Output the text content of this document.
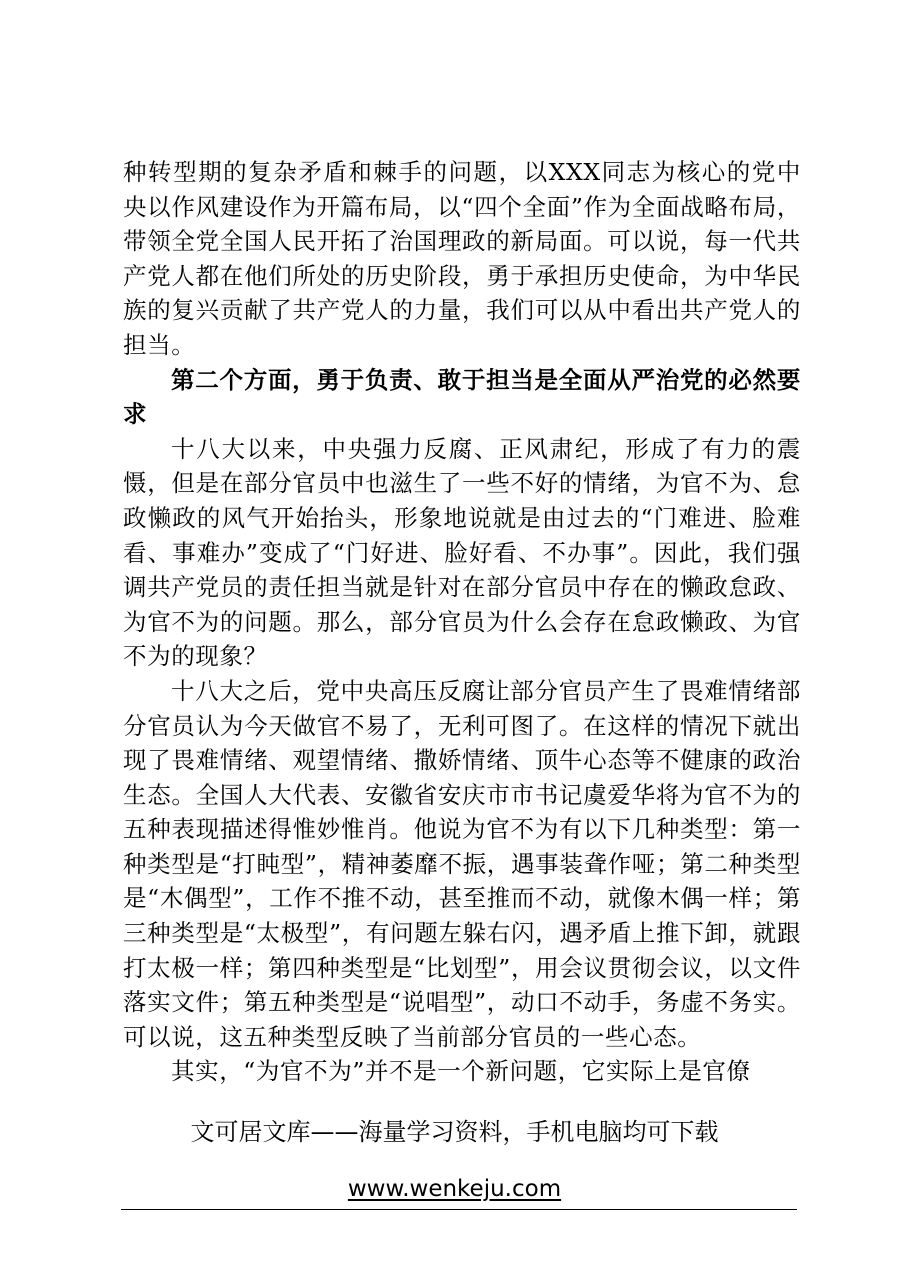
种转型期的复杂矛盾和棘手的问题，以XXX同志为核心的党中央以作风建设作为开篇布局，以“四个全面”作为全面战略布局，带领全党全国人民开拓了治国理政的新局面。可以说，每一代共产党人都在他们所处的历史阶段，勇于承担历史使命，为中华民族的复兴贡献了共产党人的力量，我们可以从中看出共产党人的担当。

第二个方面，勇于负责、敢于担当是全面从严治党的必然要求

十八大以来，中央强力反腐、正风肃纪，形成了有力的震慑，但是在部分官员中也滋生了一些不好的情绪，为官不为、怠政懒政的风气开始抬头，形象地说就是由过去的“门难进、脸难看、事难办”变成了“门好进、脸好看、不办事”。因此，我们强调共产党员的责任担当就是针对在部分官员中存在的懒政怠政、为官不为的问题。那么，部分官员为什么会存在怠政懒政、为官不为的现象？

十八大之后，党中央高压反腐让部分官员产生了畏难情绪部分官员认为今天做官不易了，无利可图了。在这样的情况下就出现了畏难情绪、观望情绪、撒娇情绪、顶牛心态等不健康的政治生态。全国人大代表、安徽省安庆市市书记虞爱华将为官不为的五种表现描述得惟妙惟肖。他说为官不为有以下几种类型：第一种类型是“打盹型”，精神萎靡不振，遇事装聋作哑；第二种类型是“木偶型”，工作不推不动，甚至推而不动，就像木偶一样；第三种类型是“太极型”，有问题左躲右闪，遇矛盾上推下卸，就跟打太极一样；第四种类型是“比划型”，用会议贯彻会议，以文件落实文件；第五种类型是“说唱型”，动口不动手，务虚不务实。可以说，这五种类型反映了当前部分官员的一些心态。

其实，“为官不为”并不是一个新问题，它实际上是官僚

文可居文库——海量学习资料，手机电脑均可下载
www.wenkeju.com
